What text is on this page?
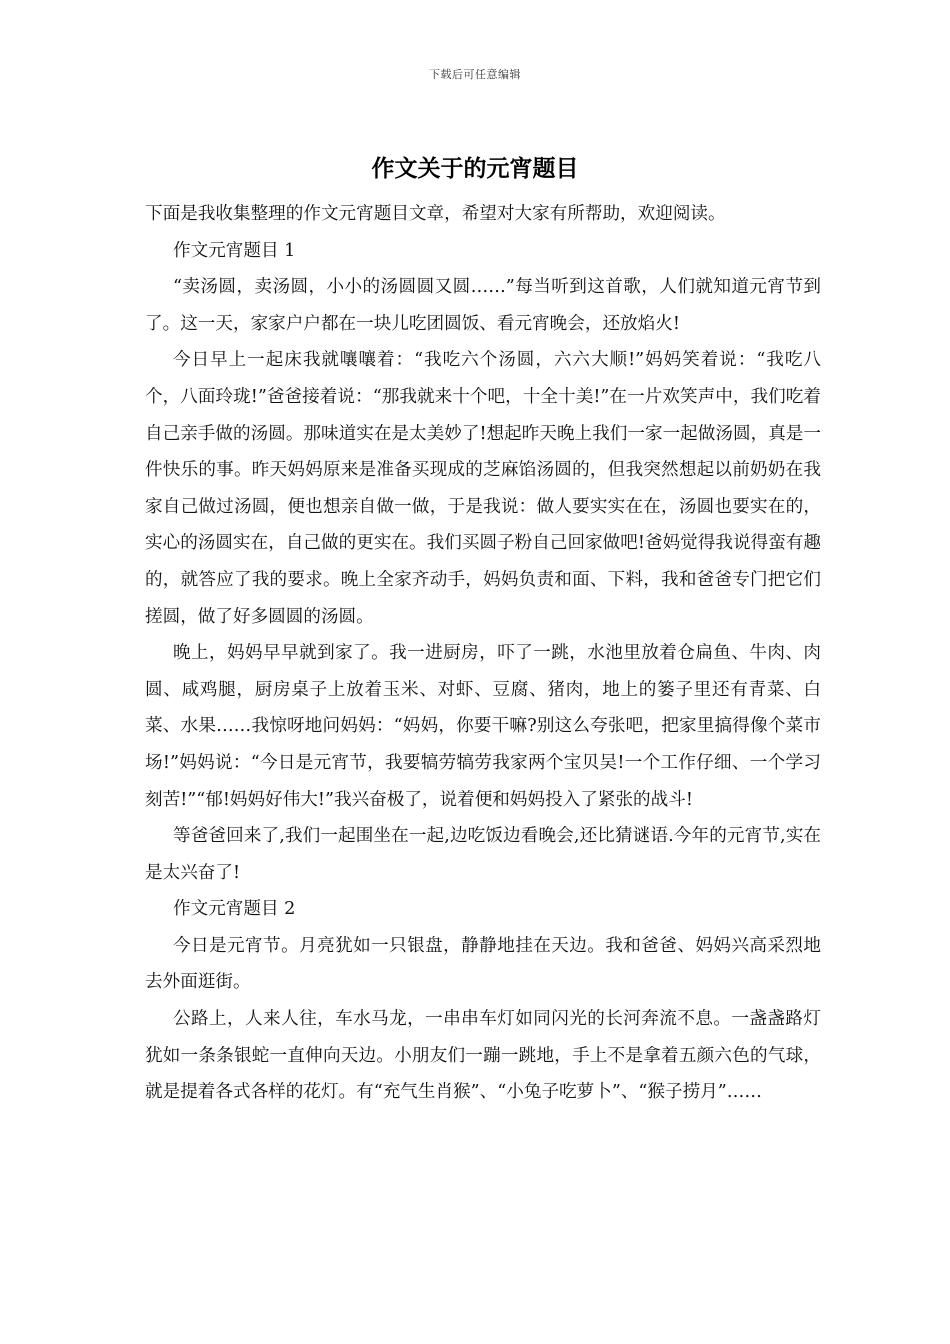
下载后可任意编辑
作文关于的元宵题目

下面是我收集整理的作文元宵题目文章，希望对大家有所帮助，欢迎阅读。

作文元宵题目 1

“卖汤圆，卖汤圆，小小的汤圆圆又圆……”每当听到这首歌，人们就知道元宵节到了。这一天，家家户户都在一块儿吃团圆饭、看元宵晚会，还放焰火!

今日早上一起床我就嚷嚷着：“我吃六个汤圆，六六大顺!”妈妈笑着说：“我吃八个，八面玲珑!”爸爸接着说：“那我就来十个吧，十全十美!”在一片欢笑声中，我们吃着自己亲手做的汤圆。那味道实在是太美妙了!想起昨天晚上我们一家一起做汤圆，真是一件快乐的事。昨天妈妈原来是准备买现成的芝麻馅汤圆的，但我突然想起以前奶奶在我家自己做过汤圆，便也想亲自做一做，于是我说：做人要实实在在，汤圆也要实在的，实心的汤圆实在，自己做的更实在。我们买圆子粉自己回家做吧!爸妈觉得我说得蛮有趣的，就答应了我的要求。晚上全家齐动手，妈妈负责和面、下料，我和爸爸专门把它们搓圆，做了好多圆圆的汤圆。

晚上，妈妈早早就到家了。我一进厨房，吓了一跳，水池里放着仓扁鱼、牛肉、肉圆、咸鸡腿，厨房桌子上放着玉米、对虾、豆腐、猪肉，地上的篓子里还有青菜、白菜、水果……我惊呀地问妈妈：“妈妈，你要干嘛?别这么夸张吧，把家里搞得像个菜市场!”妈妈说：“今日是元宵节，我要犒劳犒劳我家两个宝贝吴!一个工作仔细、一个学习刻苦!”“郁!妈妈好伟大!”我兴奋极了，说着便和妈妈投入了紧张的战斗!

等爸爸回来了,我们一起围坐在一起,边吃饭边看晚会,还比猜谜语.今年的元宵节,实在是太兴奋了!

作文元宵题目 2

今日是元宵节。月亮犹如一只银盘，静静地挂在天边。我和爸爸、妈妈兴高采烈地去外面逛街。

公路上，人来人往，车水马龙，一串串车灯如同闪光的长河奔流不息。一盏盏路灯犹如一条条银蛇一直伸向天边。小朋友们一蹦一跳地，手上不是拿着五颜六色的气球，就是提着各式各样的花灯。有“充气生肖猴”、“小兔子吃萝卜”、“猴子捞月”……
